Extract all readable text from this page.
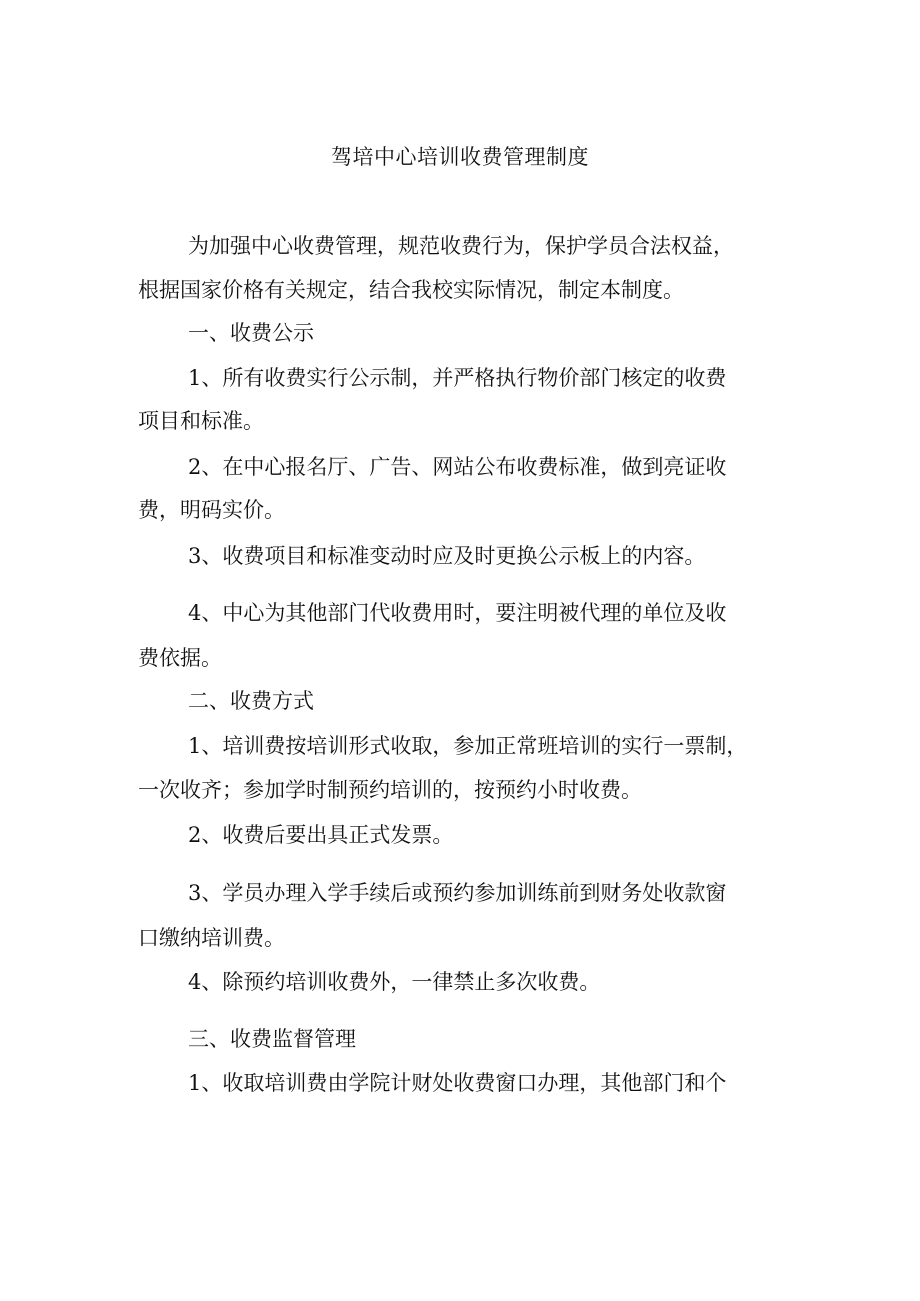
驾培中心培训收费管理制度
为加强中心收费管理，规范收费行为，保护学员合法权益，
根据国家价格有关规定，结合我校实际情况，制定本制度。
一、收费公示
1、所有收费实行公示制，并严格执行物价部门核定的收费
项目和标准。
2、在中心报名厅、广告、网站公布收费标准，做到亮证收
费，明码实价。
3、收费项目和标准变动时应及时更换公示板上的内容。
4、中心为其他部门代收费用时，要注明被代理的单位及收
费依据。
二、收费方式
1、培训费按培训形式收取，参加正常班培训的实行一票制，
一次收齐；参加学时制预约培训的，按预约小时收费。
2、收费后要出具正式发票。
3、学员办理入学手续后或预约参加训练前到财务处收款窗
口缴纳培训费。
4、除预约培训收费外，一律禁止多次收费。
三、收费监督管理
1、收取培训费由学院计财处收费窗口办理，其他部门和个
